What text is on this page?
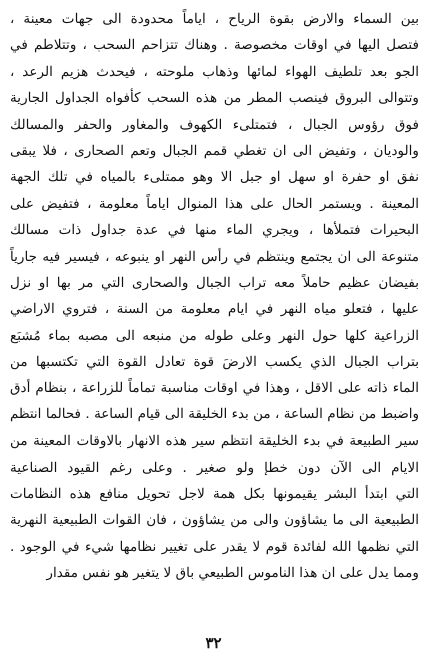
بين السماء والارض بقوة الرياح ، اياماً محدودة الى جهات معينة ،
فتصل اليها في اوقات مخصوصة . وهناك تتزاحم السحب ، وتتلاطم في
الجو بعد تلطيف الهواء لمائها وذهاب ملوحته ، فيحدث هزيم الرعد ،
وتتوالى البروق فينصب المطر من هذه السحب كأفواه الجداول الجارية
فوق رؤوس الجبال ، فتمتلىء الكهوف والمغاور والحفر والمسالك
والوديان ، وتفيض الى ان تغطي قمم الجبال وتعم الصحارى ، فلا يبقى
نفق او حفرة او سهل او جبل الا وهو ممتلىء بالمياه في تلك الجهة
المعينة . ويستمر الحال على هذا المنوال اياماً معلومة ، فتفيض على
البحيرات فتملأها ، ويجري الماء منها في عدة جداول ذات مسالك
متنوعة الى ان يجتمع وينتظم في رأس النهر او ينبوعه ، فيسير فيه جارياً
بفيضان عظيم حاملاً معه تراب الجبال والصحارى التي مر بها او نزل
عليها ، فتعلو مياه النهر في ايام معلومة من السنة ، فتروي الاراضي
الزراعية كلها حول النهر وعلى طوله من منبعه الى مصبه بماء مُشبَع
بتراب الجبال الذي يكسب الارضَ قوة تعادل القوة التي تكتسبها من
الماء ذاته على الاقل ، وهذا في اوقات مناسبة تماماً للزراعة ، بنظام أدق
واضبط من نظام الساعة ، من بدء الخليقة الى قيام الساعة . فحالما انتظم
سير الطبيعة في بدء الخليقة انتظم سير هذه الانهار بالاوقات المعينة من
الايام الى الآن دون خطإ ولو صغير . وعلى رغم القيود الصناعية
التي ابتدأ البشر يقيمونها بكل همة لاجل تحويل منافع هذه النظامات
الطبيعية الى ما يشاؤون والى من يشاؤون ، فان القوات الطبيعية النهرية
التي نظمها الله لفائدة قوم لا يقدر على تغيير نظامها شيء في الوجود .
ومما يدل على ان هذا الناموس الطبيعي باق لا يتغير هو نفس مقدار
٣٢
